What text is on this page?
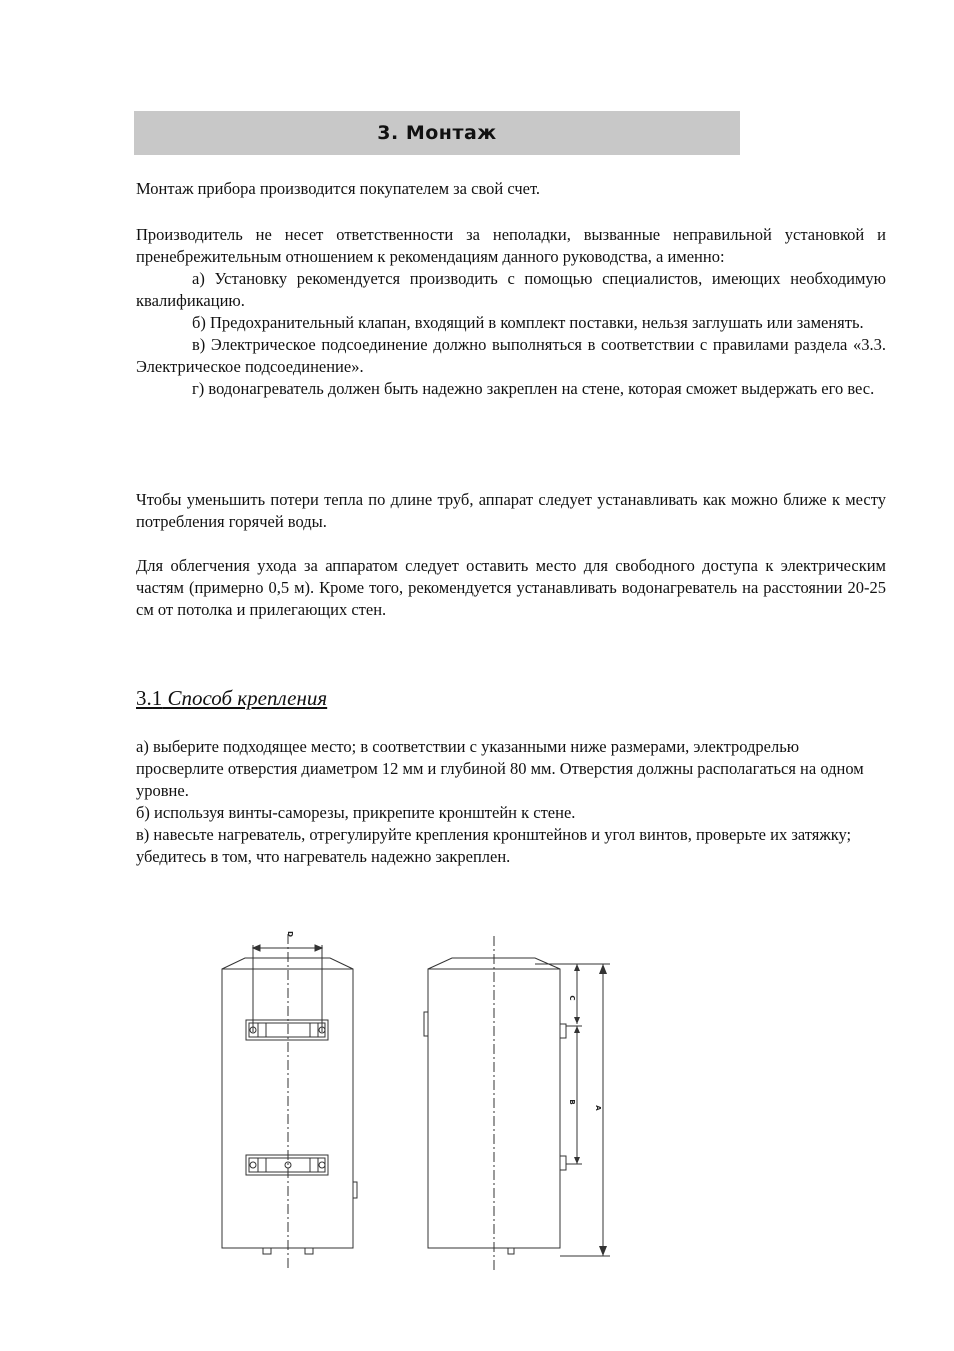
3. Монтаж

Монтаж прибора производится покупателем за свой счет.

Производитель не несет ответственности за неполадки, вызванные неправильной установкой и пренебрежительным отношением к рекомендациям данного руководства, а именно:

а) Установку рекомендуется производить с помощью специалистов, имеющих необходимую квалификацию.

б) Предохранительный клапан, входящий в комплект поставки, нельзя заглушать или заменять.

в) Электрическое подсоединение должно выполняться в соответствии с правилами раздела «3.3. Электрическое подсоединение».

г) водонагреватель должен быть надежно закреплен на стене, которая сможет выдержать его вес.

Чтобы уменьшить потери тепла по длине труб, аппарат следует устанавливать как можно ближе к месту потребления горячей воды.

Для облегчения ухода за аппаратом следует оставить место для свободного доступа к электрическим частям (примерно 0,5 м). Кроме того, рекомендуется устанавливать водонагреватель на расстоянии 20-25 см от потолка и прилегающих стен.

3.1 Способ крепления

а) выберите подходящее место; в соответствии с указанными ниже размерами, электродрелью просверлите отверстия диаметром 12 мм и глубиной 80 мм. Отверстия должны располагаться на одном уровне.

б) используя винты-саморезы, прикрепите кронштейн к стене.

в) навесьте нагреватель, отрегулируйте крепления кронштейнов и угол винтов, проверьте их затяжку; убедитесь в том, что нагреватель надежно закреплен.

D
C
B
A
